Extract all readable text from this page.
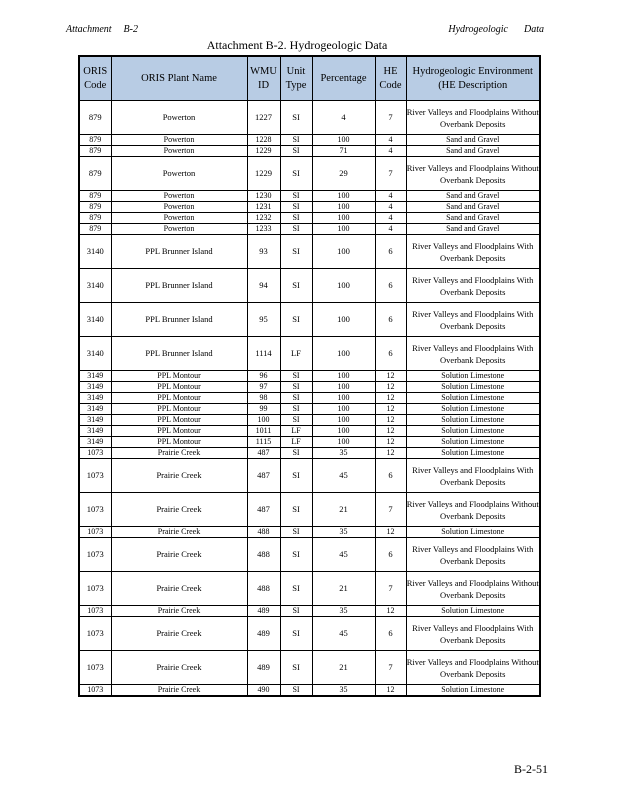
Attachment B-2	Hydrogeologic Data
Attachment B-2. Hydrogeologic Data
ORIS Code	ORIS Plant Name	WMU ID	Unit Type	Percentage	HE Code	Hydrogeologic Environment (HE Description
879	Powerton	1227	SI	4	7	River Valleys and Floodplains Without Overbank Deposits
879	Powerton	1228	SI	100	4	Sand and Gravel
879	Powerton	1229	SI	71	4	Sand and Gravel
879	Powerton	1229	SI	29	7	River Valleys and Floodplains Without Overbank Deposits
879	Powerton	1230	SI	100	4	Sand and Gravel
879	Powerton	1231	SI	100	4	Sand and Gravel
879	Powerton	1232	SI	100	4	Sand and Gravel
879	Powerton	1233	SI	100	4	Sand and Gravel
3140	PPL Brunner Island	93	SI	100	6	River Valleys and Floodplains With Overbank Deposits
3140	PPL Brunner Island	94	SI	100	6	River Valleys and Floodplains With Overbank Deposits
3140	PPL Brunner Island	95	SI	100	6	River Valleys and Floodplains With Overbank Deposits
3140	PPL Brunner Island	1114	LF	100	6	River Valleys and Floodplains With Overbank Deposits
3149	PPL Montour	96	SI	100	12	Solution Limestone
3149	PPL Montour	97	SI	100	12	Solution Limestone
3149	PPL Montour	98	SI	100	12	Solution Limestone
3149	PPL Montour	99	SI	100	12	Solution Limestone
3149	PPL Montour	100	SI	100	12	Solution Limestone
3149	PPL Montour	1011	LF	100	12	Solution Limestone
3149	PPL Montour	1115	LF	100	12	Solution Limestone
1073	Prairie Creek	487	SI	35	12	Solution Limestone
1073	Prairie Creek	487	SI	45	6	River Valleys and Floodplains With Overbank Deposits
1073	Prairie Creek	487	SI	21	7	River Valleys and Floodplains Without Overbank Deposits
1073	Prairie Creek	488	SI	35	12	Solution Limestone
1073	Prairie Creek	488	SI	45	6	River Valleys and Floodplains With Overbank Deposits
1073	Prairie Creek	488	SI	21	7	River Valleys and Floodplains Without Overbank Deposits
1073	Prairie Creek	489	SI	35	12	Solution Limestone
1073	Prairie Creek	489	SI	45	6	River Valleys and Floodplains With Overbank Deposits
1073	Prairie Creek	489	SI	21	7	River Valleys and Floodplains Without Overbank Deposits
1073	Prairie Creek	490	SI	35	12	Solution Limestone
B-2-51
